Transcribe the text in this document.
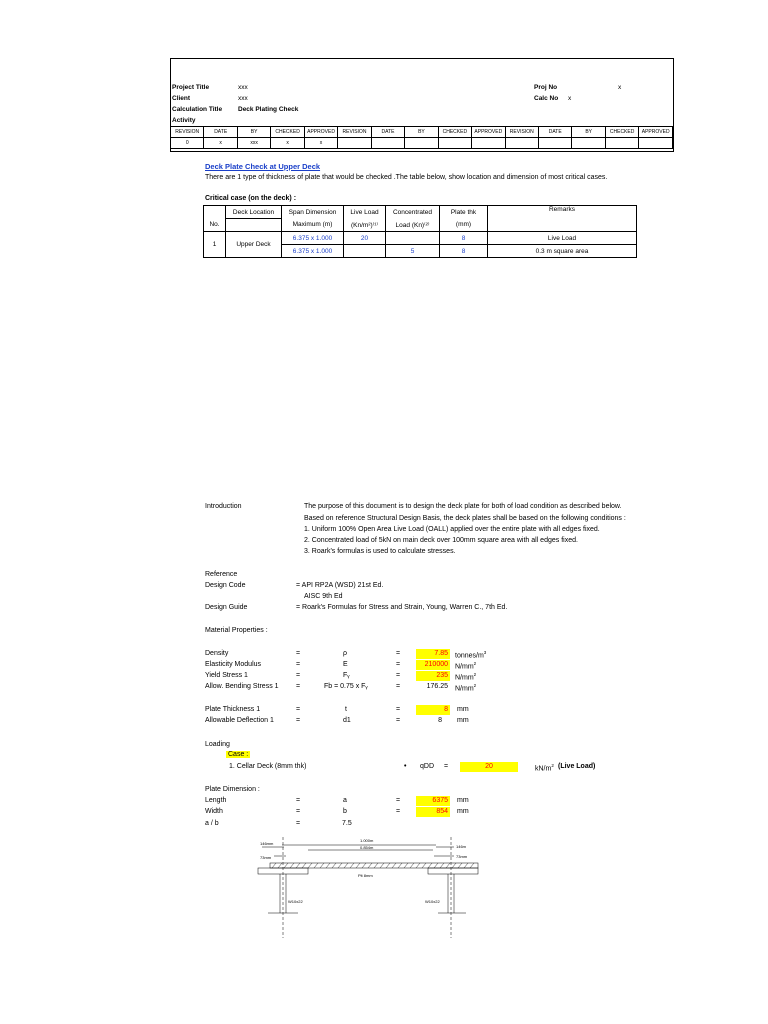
Project Title	xxx
Client	xxx
Calculation Title Deck Plating Check
Activity
Proj No	x
Calc No x
REVISION	DATE	BY	CHECKED	APPROVED	REVISION	DATE	BY	CHECKED	APPROVED	REVISION	DATE	BY	CHECKED	APPROVED
0	x	xxx	x	x										
Deck Plate Check at Upper Deck
There are 1 type of thickness of plate that would be checked .The table below, show location and dimension of most critical cases.
Critical case (on the deck) :
	Deck Location	Span Dimension	Live Load	Concentrated	Plate thk	Remarks
No.		Maximum (m)	(Kn/m²)⁽¹⁾	Load (Kn)⁽²⁾	(mm)	
1	Upper Deck	6.375 x 1.000	20		8	Live Load
		6.375 x 1.000		5	8	0.3 m square area
Introduction	The purpose of this document is to design the deck plate for both of load condition as described below.
Based on reference Structural Design Basis, the deck plates shall be based on the following conditions :
1. Uniform 100% Open Area Live Load (OALL) applied over the entire plate with all edges fixed.
2. Concentrated load of 5kN on main deck over 100mm square area with all edges fixed.
3. Roark's formulas is used to calculate stresses.
Reference
Design Code	= API RP2A (WSD) 21st Ed.
AISC 9th Ed
Design Guide	= Roark's Formulas for Stress and Strain, Young, Warren C., 7th Ed.
Material Properties :
Density	=	ρ	=	7.85 tonnes/$m^3$
Elasticity Modulus	=	E	=	210000 $N/mm^2$
Yield Stress 1	=	Fᵧ	=	235 $N/mm^2$
Allow. Bending Stress 1 =	Fb = 0.75 x Fᵧ	=	176.25 $N/mm^2$
Plate Thickness 1	=	t	=	8 mm
Allowable Deflection 1	=	d1	=	8 mm
Loading
Case :
1. Cellar Deck (8mm thk)	• qDD =	20	$kN/m^2$ (Live Load)
Plate Dimension :
Length	=	a	=	6375 mm
Width	=	b	=	854 mm
a / b	=	7.5
1.000m
0.854m
146mm
73mm
146m
73mm
Plt 8mm
W10x22	W10x22
